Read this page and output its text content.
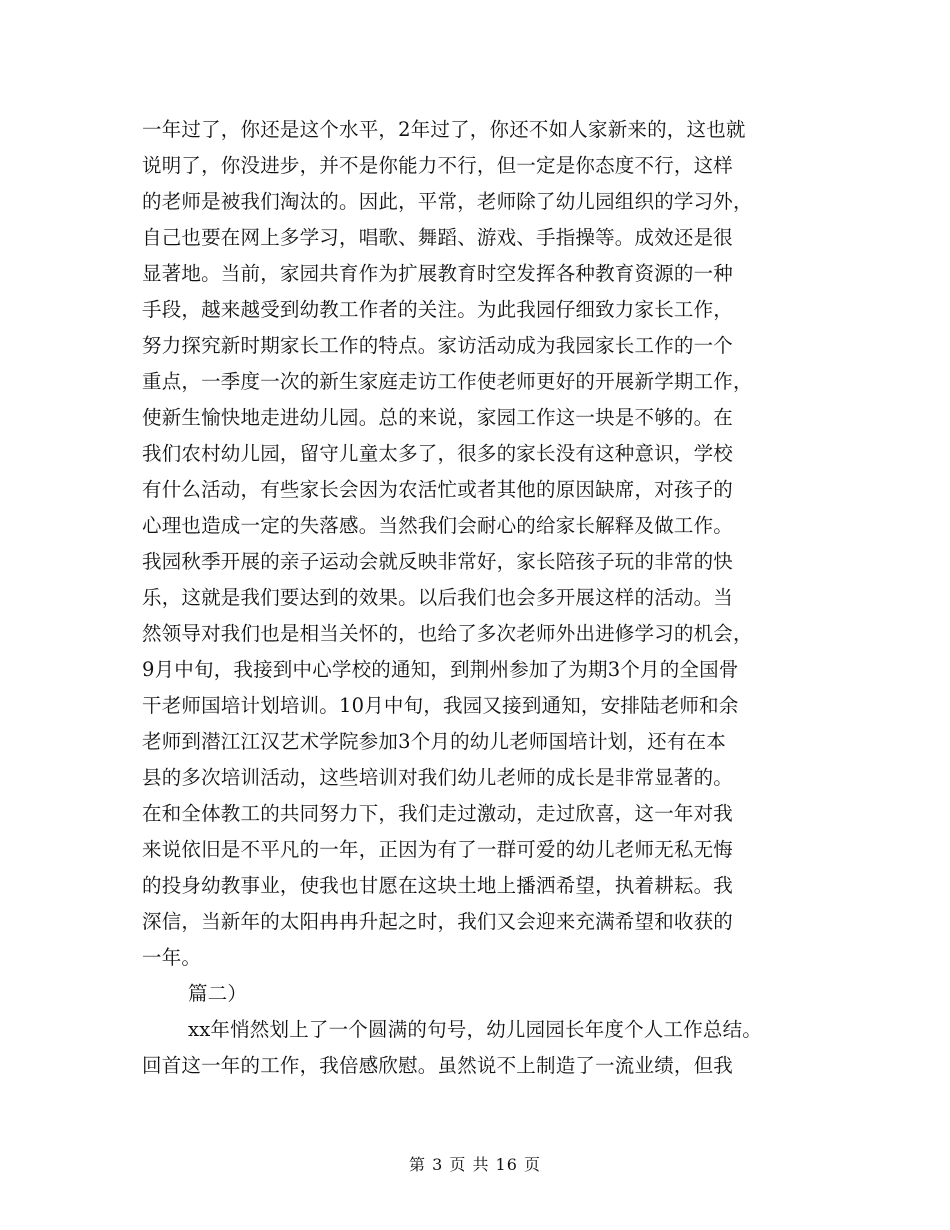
一年过了，你还是这个水平，2年过了，你还不如人家新来的，这也就
说明了，你没进步，并不是你能力不行，但一定是你态度不行，这样
的老师是被我们淘汰的。因此，平常，老师除了幼儿园组织的学习外，
自己也要在网上多学习，唱歌、舞蹈、游戏、手指操等。成效还是很
显著地。当前，家园共育作为扩展教育时空发挥各种教育资源的一种
手段，越来越受到幼教工作者的关注。为此我园仔细致力家长工作，
努力探究新时期家长工作的特点。家访活动成为我园家长工作的一个
重点，一季度一次的新生家庭走访工作使老师更好的开展新学期工作，
使新生愉快地走进幼儿园。总的来说，家园工作这一块是不够的。在
我们农村幼儿园，留守儿童太多了，很多的家长没有这种意识，学校
有什么活动，有些家长会因为农活忙或者其他的原因缺席，对孩子的
心理也造成一定的失落感。当然我们会耐心的给家长解释及做工作。
我园秋季开展的亲子运动会就反映非常好，家长陪孩子玩的非常的快
乐，这就是我们要达到的效果。以后我们也会多开展这样的活动。当
然领导对我们也是相当关怀的，也给了多次老师外出进修学习的机会，
9月中旬，我接到中心学校的通知，到荆州参加了为期3个月的全国骨
干老师国培计划培训。10月中旬，我园又接到通知，安排陆老师和余
老师到潜江江汉艺术学院参加3个月的幼儿老师国培计划，还有在本
县的多次培训活动，这些培训对我们幼儿老师的成长是非常显著的。
在和全体教工的共同努力下，我们走过激动，走过欣喜，这一年对我
来说依旧是不平凡的一年，正因为有了一群可爱的幼儿老师无私无悔
的投身幼教事业，使我也甘愿在这块土地上播洒希望，执着耕耘。我
深信，当新年的太阳冉冉升起之时，我们又会迎来充满希望和收获的
一年。
篇二）
xx年悄然划上了一个圆满的句号，幼儿园园长年度个人工作总结。
回首这一年的工作，我倍感欣慰。虽然说不上制造了一流业绩，但我
第 3 页 共 16 页
